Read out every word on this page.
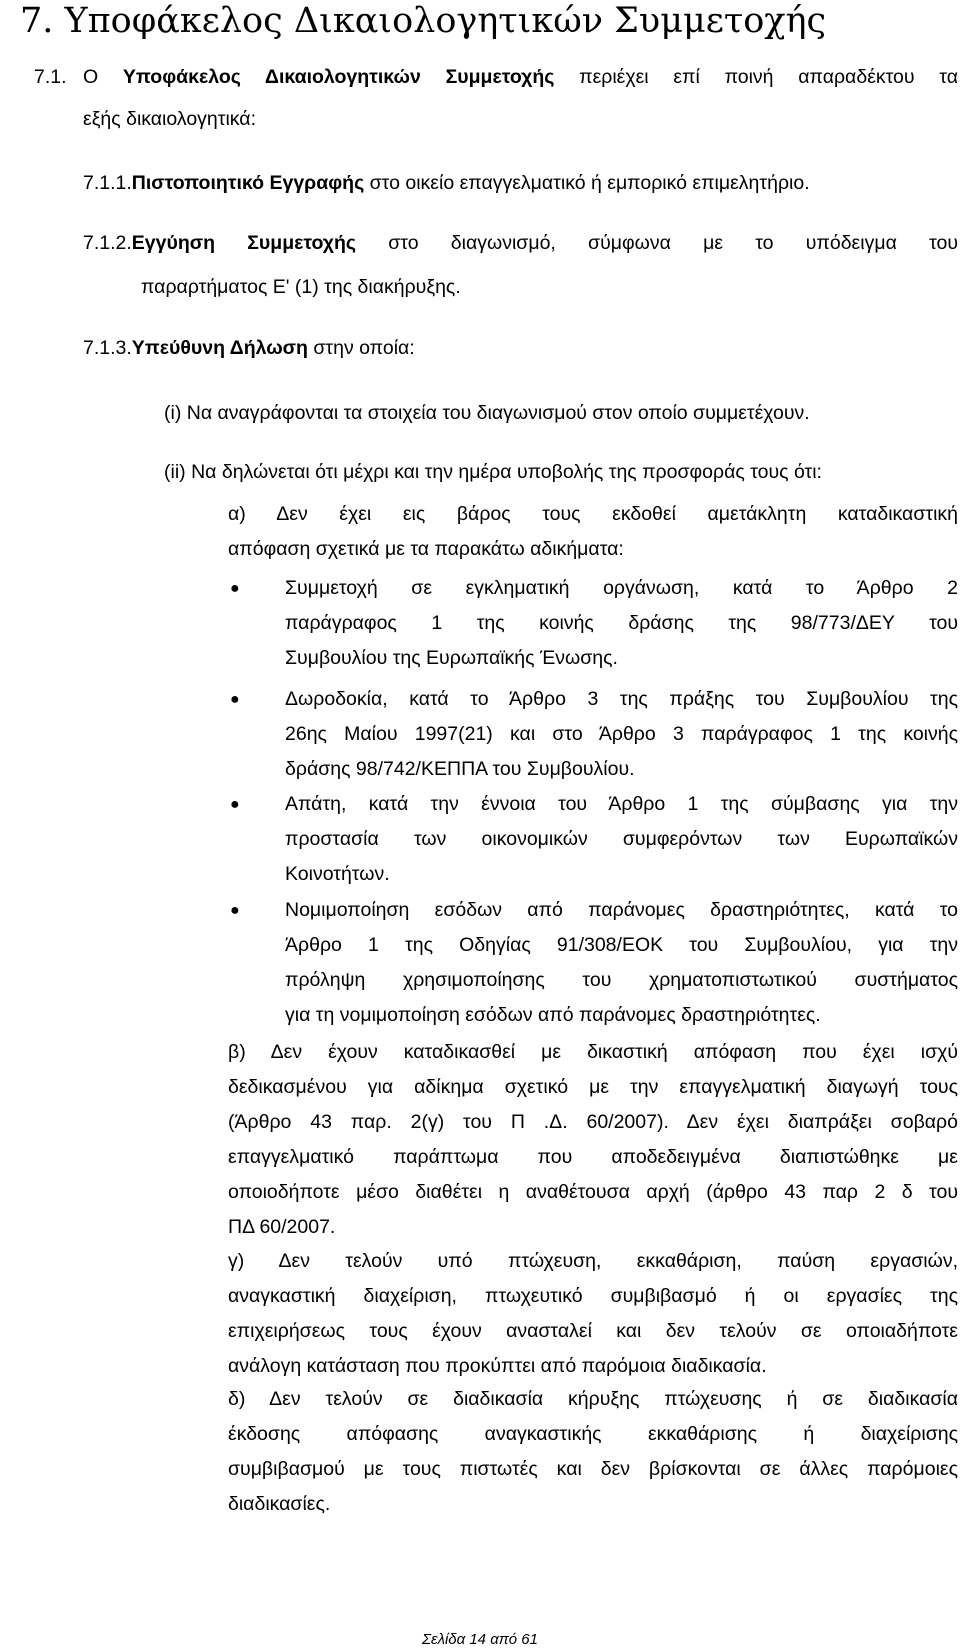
7. Υποφάκελος Δικαιολογητικών Συμμετοχής
7.1. Ο Υποφάκελος Δικαιολογητικών Συμμετοχής περιέχει επί ποινή απαραδέκτου τα
εξής δικαιολογητικά:
7.1.1.Πιστοποιητικό Εγγραφής στο οικείο επαγγελματικό ή εμπορικό επιμελητήριο.
7.1.2.Εγγύηση Συμμετοχής στο διαγωνισμό, σύμφωνα με το υπόδειγμα του
παραρτήματος Ε' (1) της διακήρυξης.
7.1.3.Υπεύθυνη Δήλωση στην οποία:
(i) Να αναγράφονται τα στοιχεία του διαγωνισμού στον οποίο συμμετέχουν.
(ii) Να δηλώνεται ότι μέχρι και την ημέρα υποβολής της προσφοράς τους ότι:
α) Δεν έχει εις βάρος τους εκδοθεί αμετάκλητη καταδικαστική
απόφαση σχετικά με τα παρακάτω αδικήματα:
● Συμμετοχή σε εγκληματική οργάνωση, κατά το Άρθρο 2
παράγραφος 1 της κοινής δράσης της 98/773/ΔΕΥ του
Συμβουλίου της Ευρωπαϊκής Ένωσης.
● Δωροδοκία, κατά το Άρθρο 3 της πράξης του Συμβουλίου της
26ης Μαίου 1997(21) και στο Άρθρο 3 παράγραφος 1 της κοινής
δράσης 98/742/ΚΕΠΠΑ του Συμβουλίου.
● Απάτη, κατά την έννοια του Άρθρο 1 της σύμβασης για την
προστασία των οικονομικών συμφερόντων των Ευρωπαϊκών
Κοινοτήτων.
● Νομιμοποίηση εσόδων από παράνομες δραστηριότητες, κατά το
Άρθρο 1 της Οδηγίας 91/308/ΕΟΚ του Συμβουλίου, για την
πρόληψη χρησιμοποίησης του χρηματοπιστωτικού συστήματος
για τη νομιμοποίηση εσόδων από παράνομες δραστηριότητες.
β) Δεν έχουν καταδικασθεί με δικαστική απόφαση που έχει ισχύ
δεδικασμένου για αδίκημα σχετικό με την επαγγελματική διαγωγή τους
(Άρθρο 43 παρ. 2(γ) του Π .Δ. 60/2007). Δεν έχει διαπράξει σοβαρό
επαγγελματικό παράπτωμα που αποδεδειγμένα διαπιστώθηκε με
οποιοδήποτε μέσο διαθέτει η αναθέτουσα αρχή (άρθρο 43 παρ 2 δ του
ΠΔ 60/2007.
γ) Δεν τελούν υπό πτώχευση, εκκαθάριση, παύση εργασιών,
αναγκαστική διαχείριση, πτωχευτικό συμβιβασμό ή οι εργασίες της
επιχειρήσεως τους έχουν ανασταλεί και δεν τελούν σε οποιαδήποτε
ανάλογη κατάσταση που προκύπτει από παρόμοια διαδικασία.
δ) Δεν τελούν σε διαδικασία κήρυξης πτώχευσης ή σε διαδικασία
έκδοσης απόφασης αναγκαστικής εκκαθάρισης ή διαχείρισης
συμβιβασμού με τους πιστωτές και δεν βρίσκονται σε άλλες παρόμοιες
διαδικασίες.
Σελίδα 14 από 61
